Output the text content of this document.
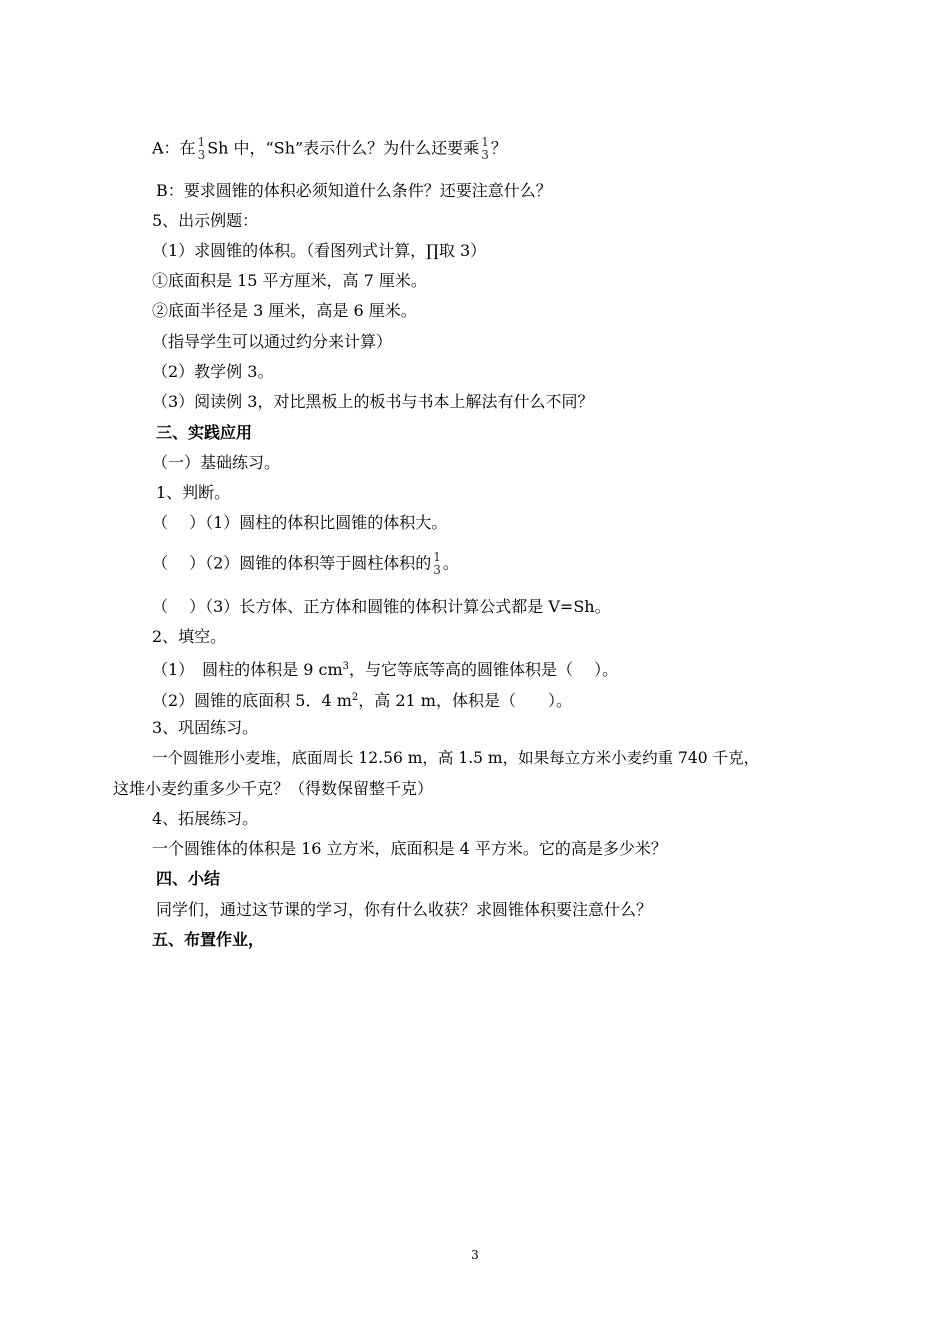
A：在 1
3 Sh 中，“Sh”表示什么？为什么还要乘 1
3 ？
B：要求圆锥的体积必须知道什么条件？还要注意什么？
5、出示例题：
（1）求圆锥的体积。（看图列式计算，∏取 3）
①底面积是 15 平方厘米，高 7 厘米。
②底面半径是 3 厘米，高是 6 厘米。
（指导学生可以通过约分来计算）
（2）教学例 3。
（3）阅读例 3，对比黑板上的板书与书本上解法有什么不同？
三、实践应用
（一）基础练习。
1、判断。
（　 ）（1）圆柱的体积比圆锥的体积大。
（　 ）（2）圆锥的体积等于圆柱体积的 1
3 。
（　 ）（3）长方体、正方体和圆锥的体积计算公式都是 V=Sh。
2、填空。
（1）　圆柱的体积是 9 $cm^3$，与它等底等高的圆锥体积是（　 ）。
（2）圆锥的底面积 5．4 $m^2$，高 21 m，体积是（　　）。
3、巩固练习。
一个圆锥形小麦堆，底面周长 12.56 m，高 1.5 m，如果每立方米小麦约重 740 千克，
这堆小麦约重多少千克？（得数保留整千克）
4、拓展练习。
一个圆锥体的体积是 16 立方米，底面积是 4 平方米。它的高是多少米？
四、小结
同学们，通过这节课的学习，你有什么收获？求圆锥体积要注意什么？
五、布置作业，
3
